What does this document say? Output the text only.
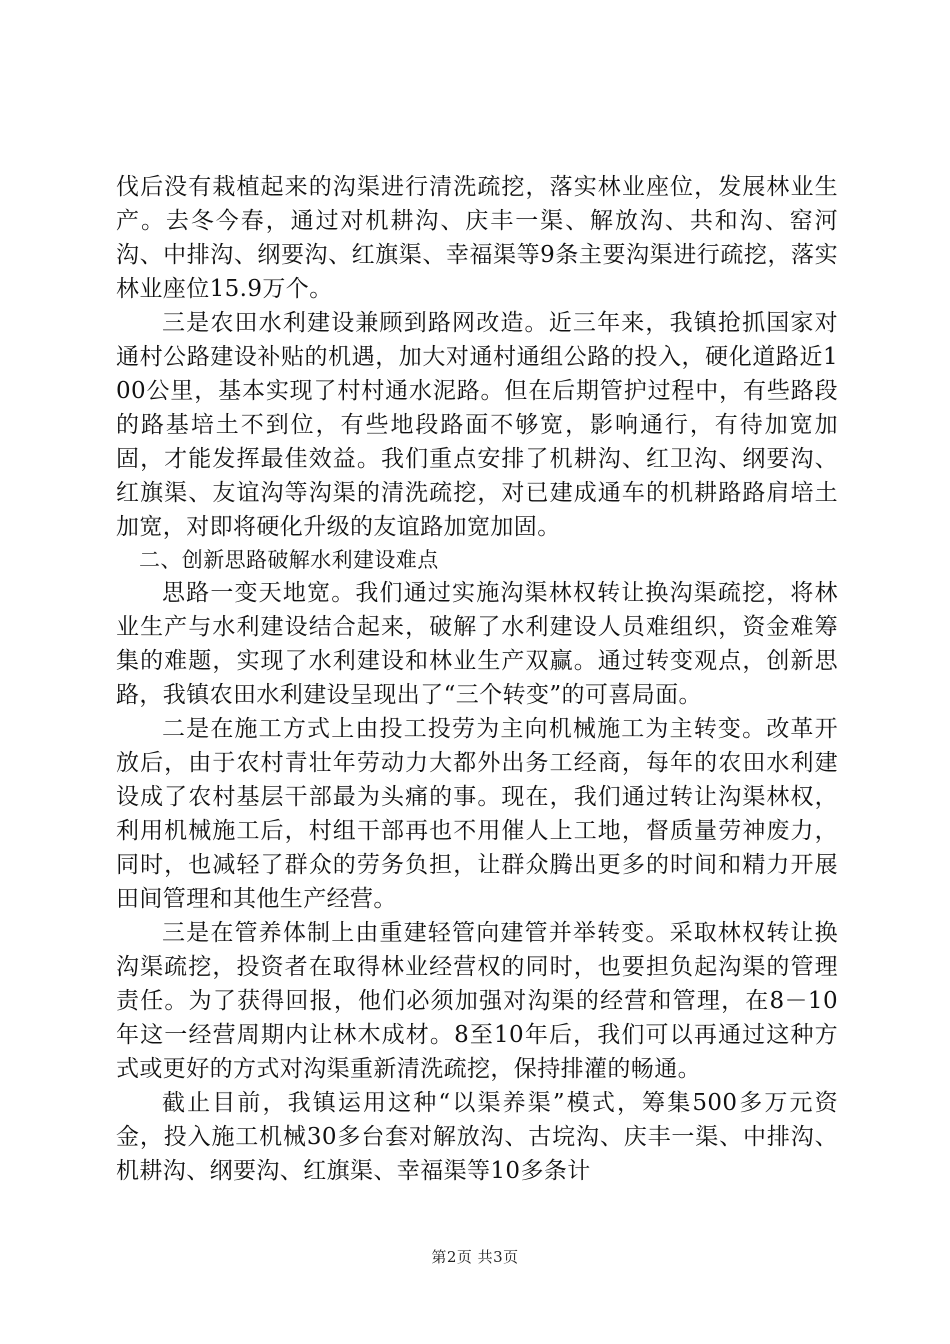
伐后没有栽植起来的沟渠进行清洗疏挖，落实林业座位，发展林业生产。去冬今春，通过对机耕沟、庆丰一渠、解放沟、共和沟、窑河沟、中排沟、纲要沟、红旗渠、幸福渠等9条主要沟渠进行疏挖，落实林业座位15.9万个。

三是农田水利建设兼顾到路网改造。近三年来，我镇抢抓国家对通村公路建设补贴的机遇，加大对通村通组公路的投入，硬化道路近100公里，基本实现了村村通水泥路。但在后期管护过程中，有些路段的路基培土不到位，有些地段路面不够宽，影响通行，有待加宽加固，才能发挥最佳效益。我们重点安排了机耕沟、红卫沟、纲要沟、红旗渠、友谊沟等沟渠的清洗疏挖，对已建成通车的机耕路路肩培土加宽，对即将硬化升级的友谊路加宽加固。

二、创新思路破解水利建设难点

思路一变天地宽。我们通过实施沟渠林权转让换沟渠疏挖，将林业生产与水利建设结合起来，破解了水利建设人员难组织，资金难筹集的难题，实现了水利建设和林业生产双赢。通过转变观点，创新思路，我镇农田水利建设呈现出了“三个转变”的可喜局面。

二是在施工方式上由投工投劳为主向机械施工为主转变。改革开放后，由于农村青壮年劳动力大都外出务工经商，每年的农田水利建设成了农村基层干部最为头痛的事。现在，我们通过转让沟渠林权，利用机械施工后，村组干部再也不用催人上工地，督质量劳神废力，同时，也减轻了群众的劳务负担，让群众腾出更多的时间和精力开展田间管理和其他生产经营。

三是在管养体制上由重建轻管向建管并举转变。采取林权转让换沟渠疏挖，投资者在取得林业经营权的同时，也要担负起沟渠的管理责任。为了获得回报，他们必须加强对沟渠的经营和管理，在8－10年这一经营周期内让林木成材。8至10年后，我们可以再通过这种方式或更好的方式对沟渠重新清洗疏挖，保持排灌的畅通。

截止目前，我镇运用这种“以渠养渠”模式，筹集500多万元资金，投入施工机械30多台套对解放沟、古垸沟、庆丰一渠、中排沟、机耕沟、纲要沟、红旗渠、幸福渠等10多条计

第2页 共3页
